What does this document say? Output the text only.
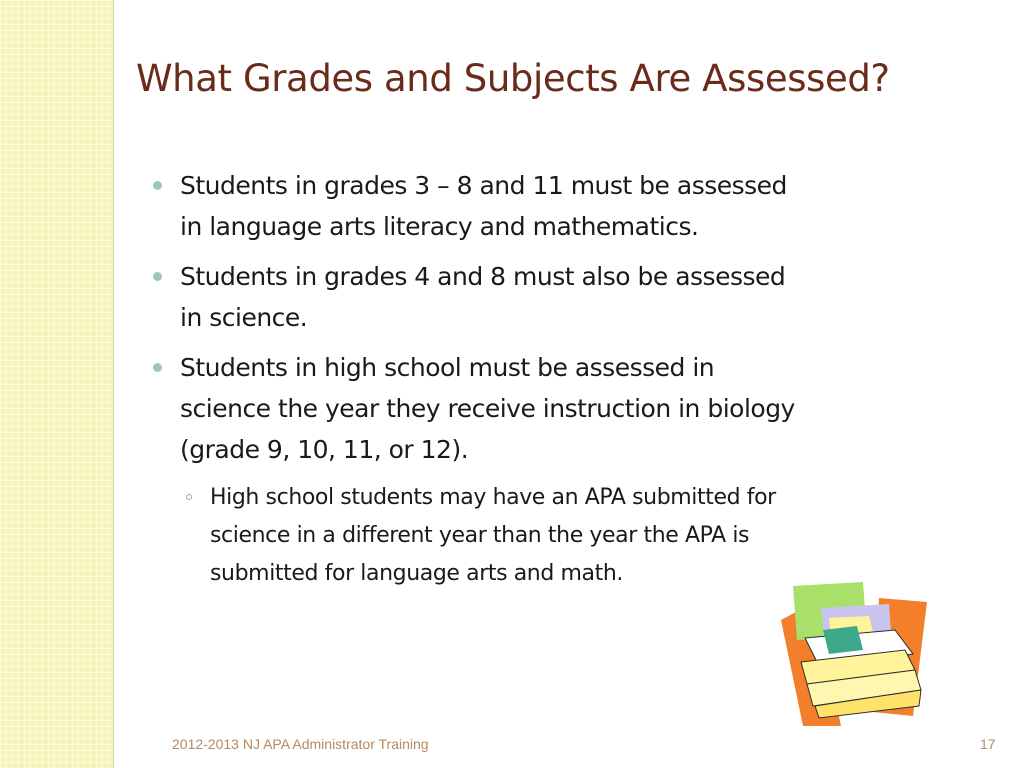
What Grades and Subjects Are Assessed?
Students in grades 3 – 8 and 11 must be assessed
in language arts literacy and mathematics.
Students in grades 4 and 8 must also be assessed
in science.
Students in high school must be assessed in
science the year they receive instruction in biology
(grade 9, 10, 11, or 12).
High school students may have an APA submitted for
science in a different year than the year the APA is
submitted for language arts and math.
2012-2013 NJ APA Administrator Training	17
